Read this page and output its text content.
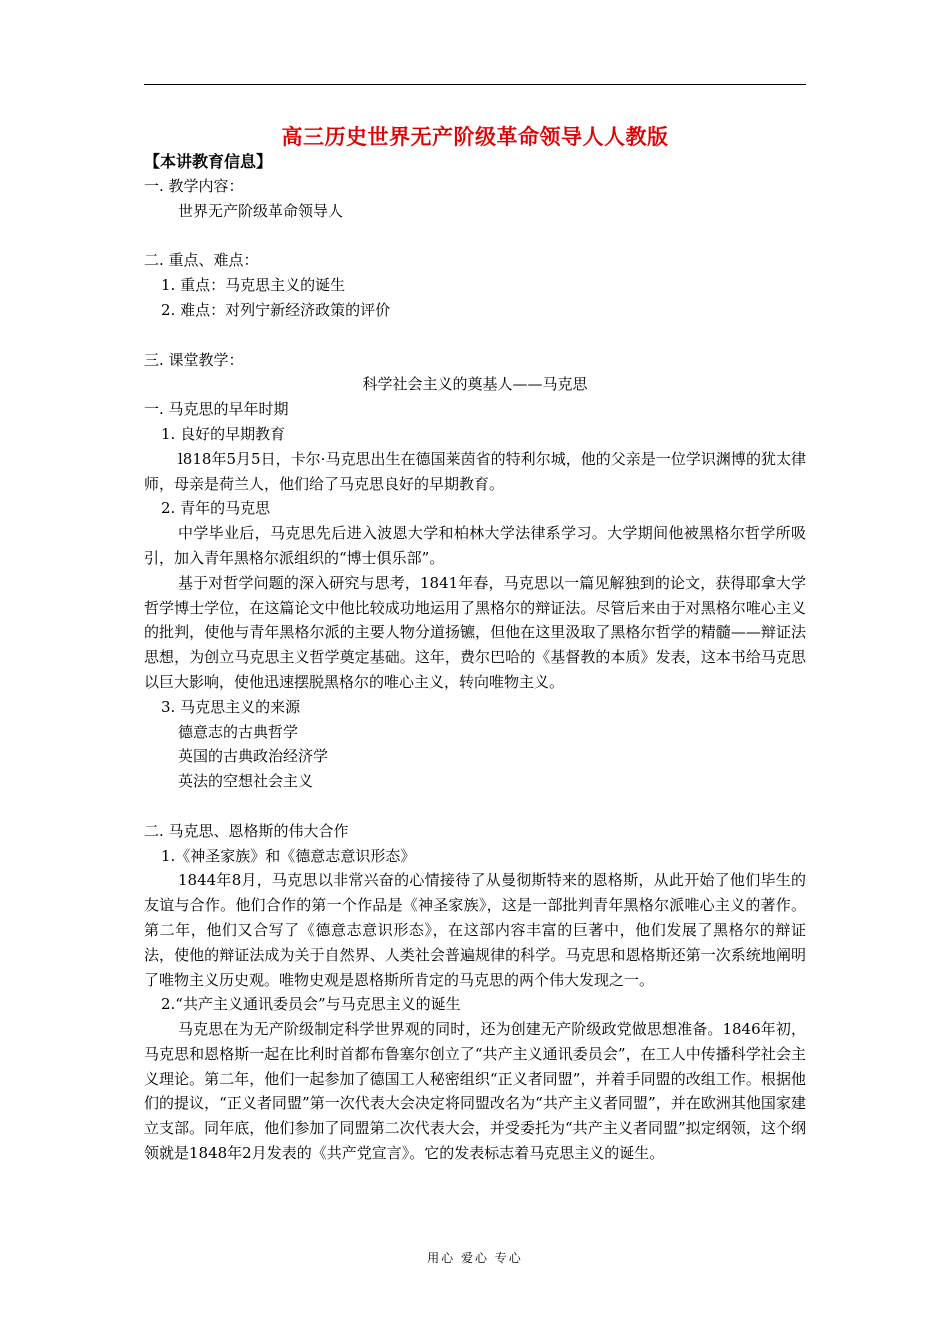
高三历史世界无产阶级革命领导人人教版

【本讲教育信息】

一. 教学内容：

世界无产阶级革命领导人

二. 重点、难点：

1. 重点：马克思主义的诞生

2. 难点：对列宁新经济政策的评价

三. 课堂教学：

科学社会主义的奠基人——马克思

一. 马克思的早年时期

1. 良好的早期教育

l818年5月5日，卡尔·马克思出生在德国莱茵省的特利尔城，他的父亲是一位学识渊博的犹太律师，母亲是荷兰人，他们给了马克思良好的早期教育。

2. 青年的马克思

中学毕业后，马克思先后进入波恩大学和柏林大学法律系学习。大学期间他被黑格尔哲学所吸引，加入青年黑格尔派组织的“博士俱乐部”。

基于对哲学问题的深入研究与思考，1841年春，马克思以一篇见解独到的论文，获得耶拿大学哲学博士学位，在这篇论文中他比较成功地运用了黑格尔的辩证法。尽管后来由于对黑格尔唯心主义的批判，使他与青年黑格尔派的主要人物分道扬镳，但他在这里汲取了黑格尔哲学的精髓——辩证法思想，为创立马克思主义哲学奠定基础。这年，费尔巴哈的《基督教的本质》发表，这本书给马克思以巨大影响，使他迅速摆脱黑格尔的唯心主义，转向唯物主义。

3. 马克思主义的来源

德意志的古典哲学

英国的古典政治经济学

英法的空想社会主义

二. 马克思、恩格斯的伟大合作

1.《神圣家族》和《德意志意识形态》

1844年8月，马克思以非常兴奋的心情接待了从曼彻斯特来的恩格斯，从此开始了他们毕生的友谊与合作。他们合作的第一个作品是《神圣家族》，这是一部批判青年黑格尔派唯心主义的著作。第二年，他们又合写了《德意志意识形态》，在这部内容丰富的巨著中，他们发展了黑格尔的辩证法，使他的辩证法成为关于自然界、人类社会普遍规律的科学。马克思和恩格斯还第一次系统地阐明了唯物主义历史观。唯物史观是恩格斯所肯定的马克思的两个伟大发现之一。

2.“共产主义通讯委员会”与马克思主义的诞生

马克思在为无产阶级制定科学世界观的同时，还为创建无产阶级政党做思想准备。1846年初，马克思和恩格斯一起在比利时首都布鲁塞尔创立了“共产主义通讯委员会”，在工人中传播科学社会主义理论。第二年，他们一起参加了德国工人秘密组织“正义者同盟”，并着手同盟的改组工作。根据他们的提议，“正义者同盟”第一次代表大会决定将同盟改名为“共产主义者同盟”，并在欧洲其他国家建立支部。同年底，他们参加了同盟第二次代表大会，并受委托为“共产主义者同盟”拟定纲领，这个纲领就是1848年2月发表的《共产党宣言》。它的发表标志着马克思主义的诞生。

用心 爱心 专心
